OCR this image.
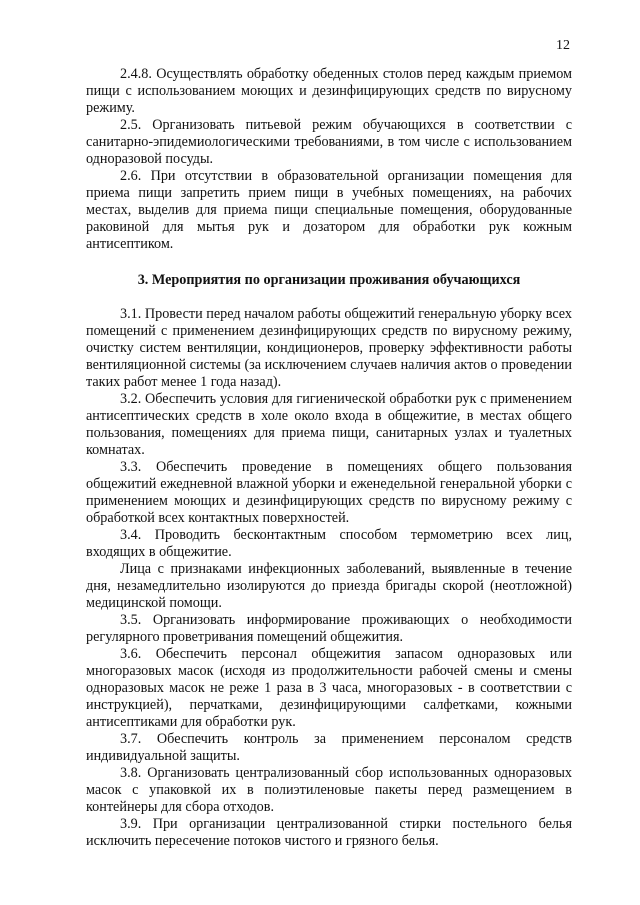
12

2.4.8. Осуществлять обработку обеденных столов перед каждым приемом пищи с использованием моющих и дезинфицирующих средств по вирусному режиму.

2.5. Организовать питьевой режим обучающихся в соответствии с санитарно-эпидемиологическими требованиями, в том числе с использованием одноразовой посуды.

2.6. При отсутствии в образовательной организации помещения для приема пищи запретить прием пищи в учебных помещениях, на рабочих местах, выделив для приема пищи специальные помещения, оборудованные раковиной для мытья рук и дозатором для обработки рук кожным антисептиком.

3. Мероприятия по организации проживания обучающихся

3.1. Провести перед началом работы общежитий генеральную уборку всех помещений с применением дезинфицирующих средств по вирусному режиму, очистку систем вентиляции, кондиционеров, проверку эффективности работы вентиляционной системы (за исключением случаев наличия актов о проведении таких работ менее 1 года назад).

3.2. Обеспечить условия для гигиенической обработки рук с применением антисептических средств в холе около входа в общежитие, в местах общего пользования, помещениях для приема пищи, санитарных узлах и туалетных комнатах.

3.3. Обеспечить проведение в помещениях общего пользования общежитий ежедневной влажной уборки и еженедельной генеральной уборки с применением моющих и дезинфицирующих средств по вирусному режиму с обработкой всех контактных поверхностей.

3.4. Проводить бесконтактным способом термометрию всех лиц, входящих в общежитие.

Лица с признаками инфекционных заболеваний, выявленные в течение дня, незамедлительно изолируются до приезда бригады скорой (неотложной) медицинской помощи.

3.5. Организовать информирование проживающих о необходимости регулярного проветривания помещений общежития.

3.6. Обеспечить персонал общежития запасом одноразовых или многоразовых масок (исходя из продолжительности рабочей смены и смены одноразовых масок не реже 1 раза в 3 часа, многоразовых - в соответствии с инструкцией), перчатками, дезинфицирующими салфетками, кожными антисептиками для обработки рук.

3.7. Обеспечить контроль за применением персоналом средств индивидуальной защиты.

3.8. Организовать централизованный сбор использованных одноразовых масок с упаковкой их в полиэтиленовые пакеты перед размещением в контейнеры для сбора отходов.

3.9. При организации централизованной стирки постельного белья исключить пересечение потоков чистого и грязного белья.
